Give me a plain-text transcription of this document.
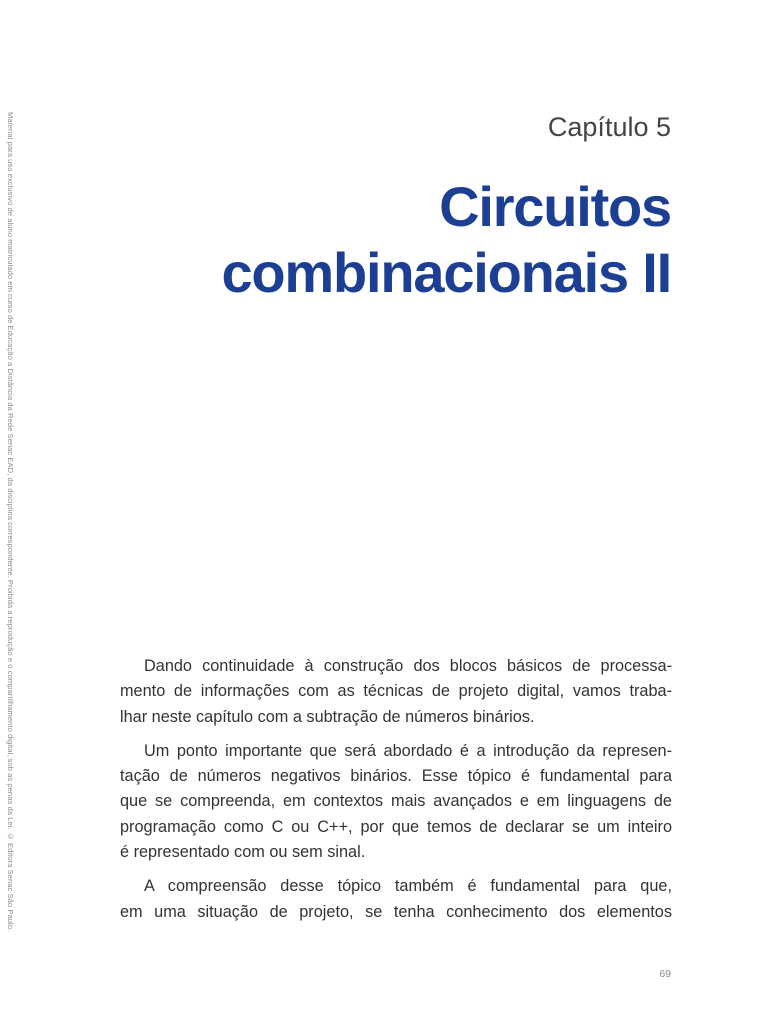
Material para uso exclusivo de aluno matriculado em curso de Educação a Distância da Rede Senac EAD, da disciplina correspondente. Proibida a reprodução e o compartilhamento digital, sob as penas da Lei. © Editora Senac São Paulo.	Capítulo 5
Circuitos
combinacionais II

Dando continuidade à construção dos blocos básicos de processa-
mento de informações com as técnicas de projeto digital, vamos traba-
lhar neste capítulo com a subtração de números binários.

Um ponto importante que será abordado é a introdução da represen-
tação de números negativos binários. Esse tópico é fundamental para
que se compreenda, em contextos mais avançados e em linguagens de
programação como C ou C++, por que temos de declarar se um inteiro
é representado com ou sem sinal.

A compreensão desse tópico também é fundamental para que,
em uma situação de projeto, se tenha conhecimento dos elementos

69
